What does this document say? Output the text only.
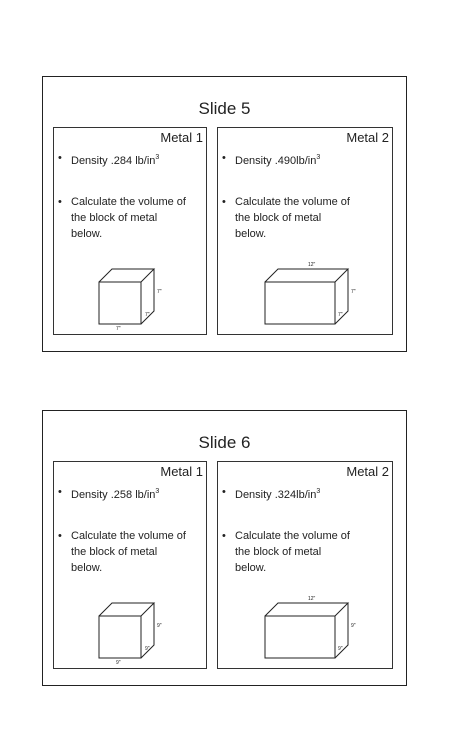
Slide 5
Metal 1
• Density .284 $lb/in^3$
• Calculate the volume of the block of metal below.
7"
7"
7"
Metal 2
• Density $.490lb/in^3$
• Calculate the volume of the block of metal below.
12"
7"
7"
Slide 6
Metal 1
• Density .258 $lb/in^3$
• Calculate the volume of the block of metal below.
9"
9"
9"
Metal 2
• Density $.324lb/in^3$
• Calculate the volume of the block of metal below.
12"
9"
9"
